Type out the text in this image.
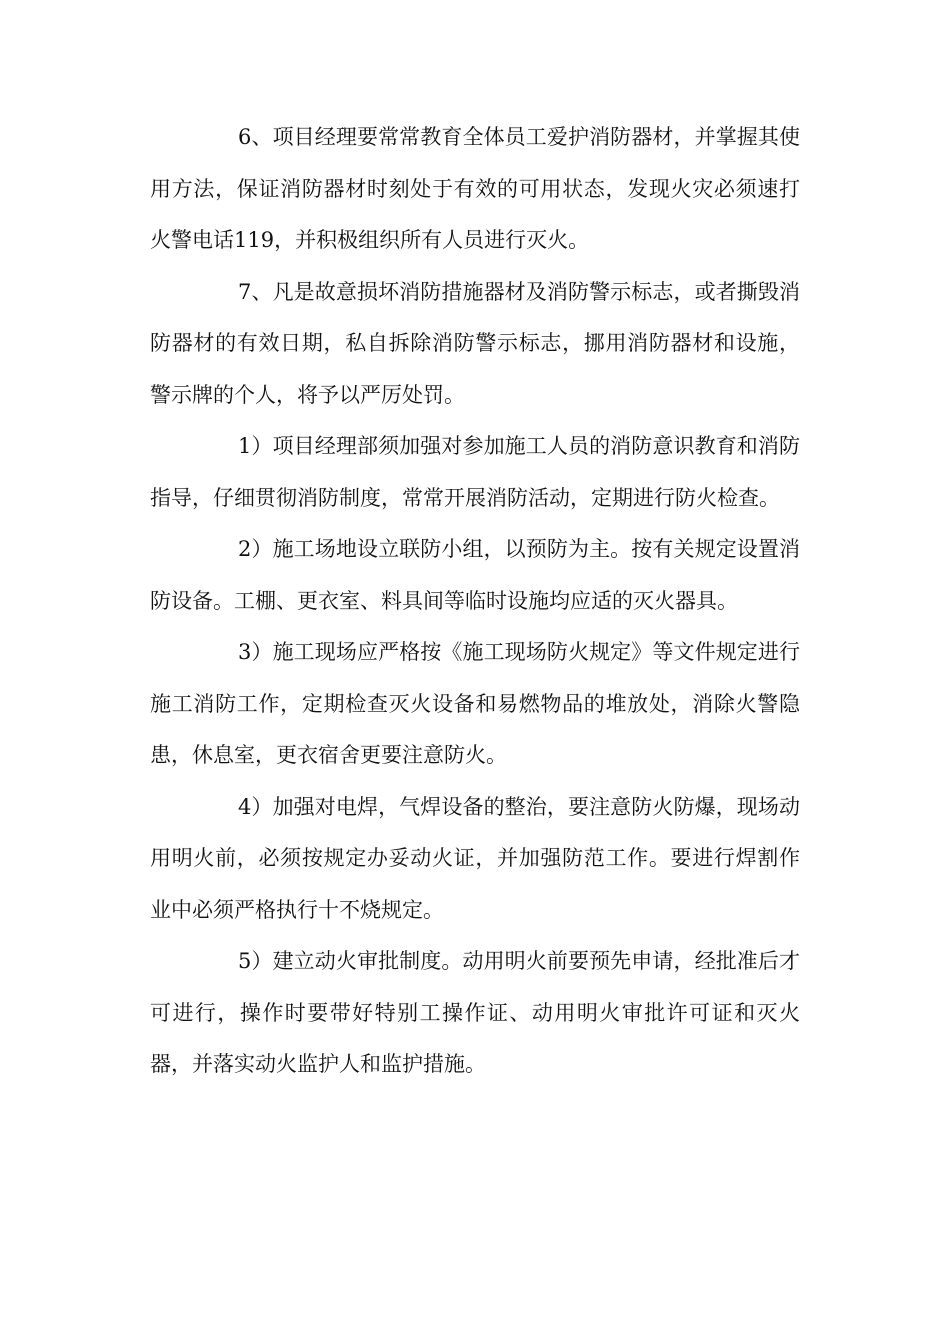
6、项目经理要常常教育全体员工爱护消防器材，并掌握其使用方法，保证消防器材时刻处于有效的可用状态，发现火灾必须速打火警电话119，并积极组织所有人员进行灭火。

7、凡是故意损坏消防措施器材及消防警示标志，或者撕毁消防器材的有效日期，私自拆除消防警示标志，挪用消防器材和设施，警示牌的个人，将予以严厉处罚。

1）项目经理部须加强对参加施工人员的消防意识教育和消防指导，仔细贯彻消防制度，常常开展消防活动，定期进行防火检查。

2）施工场地设立联防小组，以预防为主。按有关规定设置消防设备。工棚、更衣室、料具间等临时设施均应适的灭火器具。

3）施工现场应严格按《施工现场防火规定》等文件规定进行施工消防工作，定期检查灭火设备和易燃物品的堆放处，消除火警隐患，休息室，更衣宿舍更要注意防火。

4）加强对电焊，气焊设备的整治，要注意防火防爆，现场动用明火前，必须按规定办妥动火证，并加强防范工作。要进行焊割作业中必须严格执行十不烧规定。

5）建立动火审批制度。动用明火前要预先申请，经批准后才可进行，操作时要带好特别工操作证、动用明火审批许可证和灭火器，并落实动火监护人和监护措施。
